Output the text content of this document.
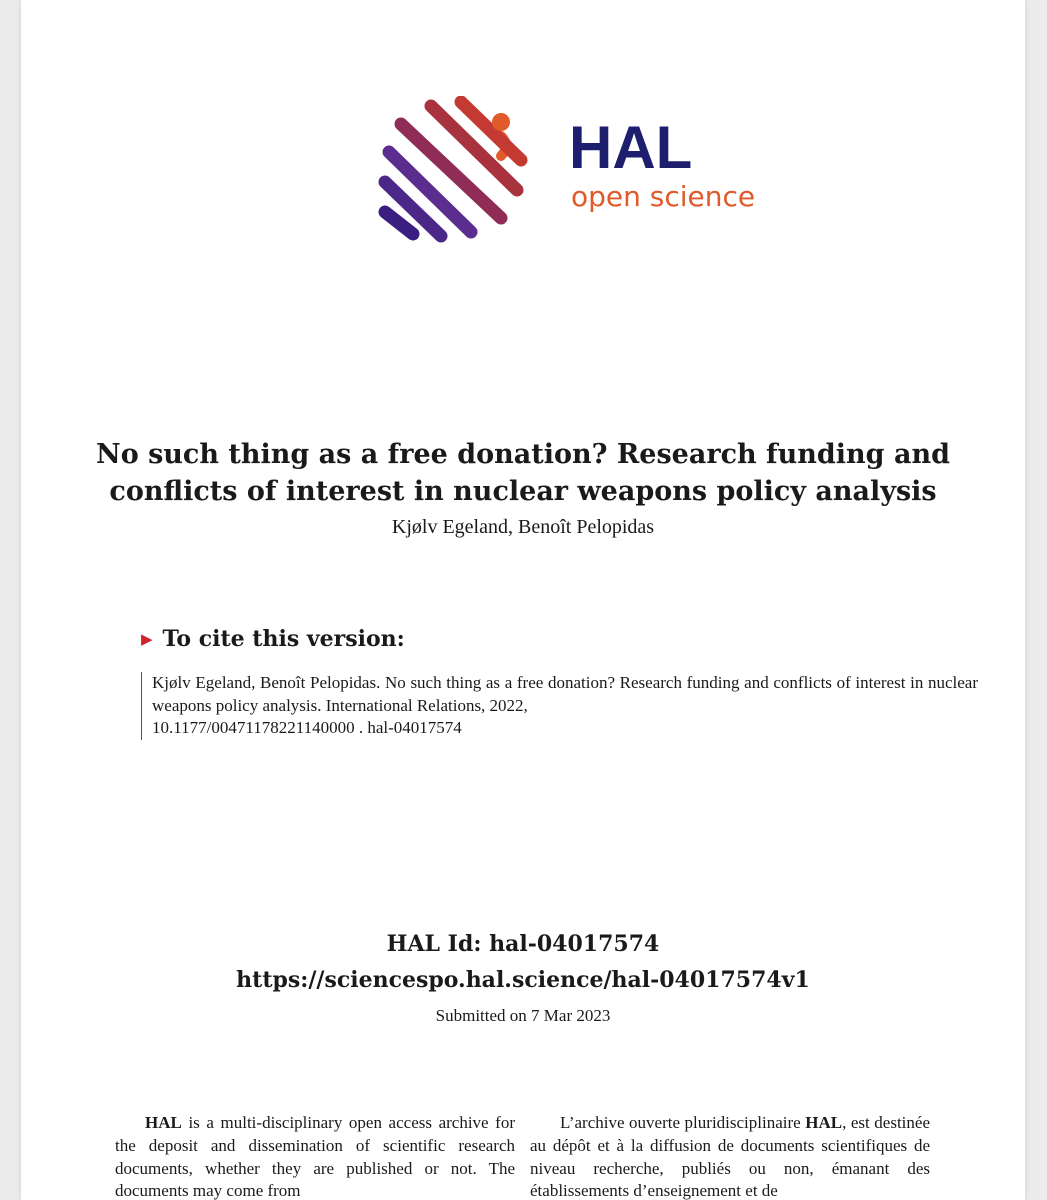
HAL
open science
No such thing as a free donation? Research funding and
conflicts of interest in nuclear weapons policy analysis
Kjølv Egeland, Benoît Pelopidas
▶ To cite this version:
Kjølv Egeland, Benoît Pelopidas. No such thing as a free donation? Research funding and conflicts of interest in nuclear weapons policy analysis. International Relations, 2022,
10.1177/00471178221140000 . hal-04017574
HAL Id: hal-04017574
https://sciencespo.hal.science/hal-04017574v1
Submitted on 7 Mar 2023

HAL is a multi-disciplinary open access archive for the deposit and dissemination of scientific research documents, whether they are published or not. The documents may come from

L’archive ouverte pluridisciplinaire HAL, est destinée au dépôt et à la diffusion de documents scientifiques de niveau recherche, publiés ou non, émanant des établissements d’enseignement et de
